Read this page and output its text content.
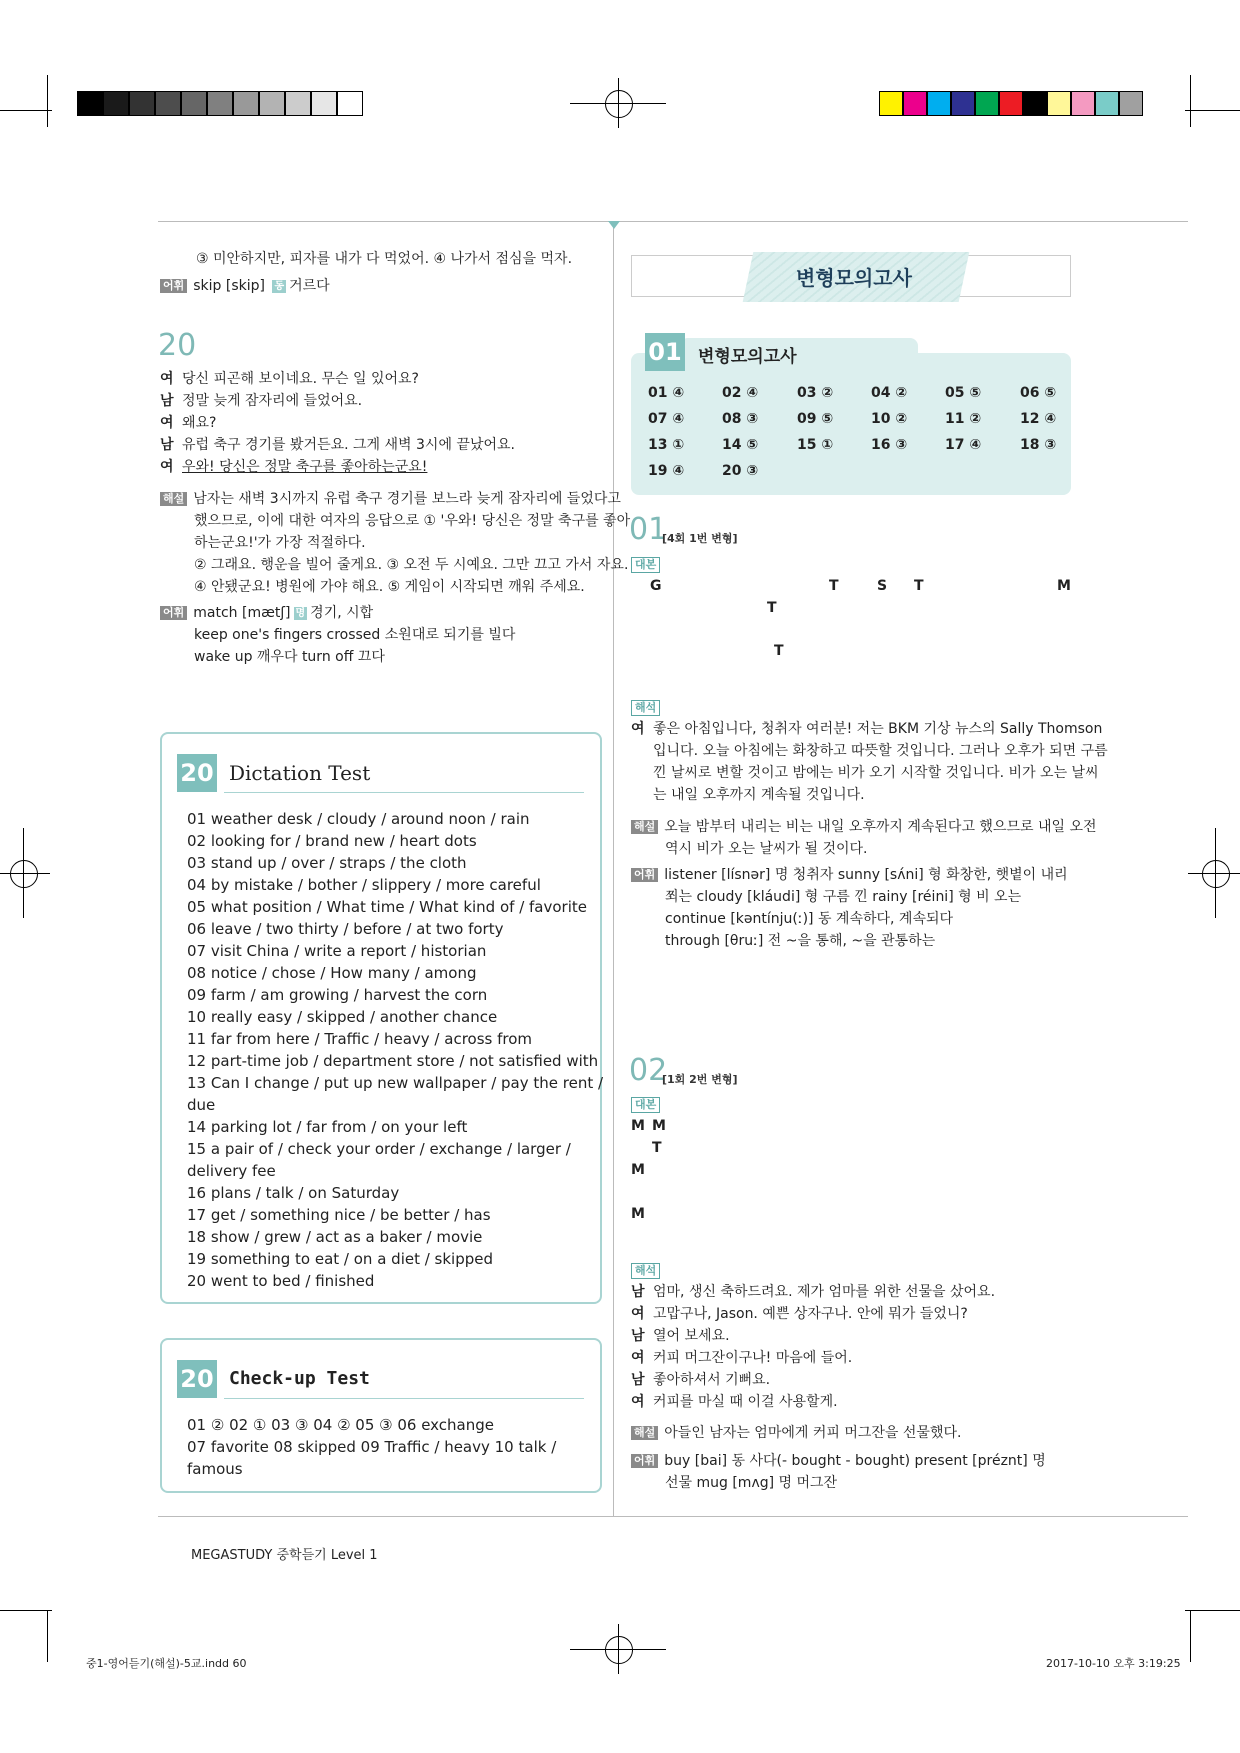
③ 미안하지만, 피자를 내가 다 먹었어. ④ 나가서 점심을 먹자.
어휘 skip [skip] 동 거르다
20
여 당신 피곤해 보이네요. 무슨 일 있어요?
남 정말 늦게 잠자리에 들었어요.
여 왜요?
남 유럽 축구 경기를 봤거든요. 그게 새벽 3시에 끝났어요.
여 우와! 당신은 정말 축구를 좋아하는군요!
해설 남자는 새벽 3시까지 유럽 축구 경기를 보느라 늦게 잠자리에 들었다고
했으므로, 이에 대한 여자의 응답으로 ① '우와! 당신은 정말 축구를 좋아
하는군요!'가 가장 적절하다.
② 그래요. 행운을 빌어 줄게요. ③ 오전 두 시예요. 그만 끄고 가서 자요.
④ 안됐군요! 병원에 가야 해요. ⑤ 게임이 시작되면 깨워 주세요.
어휘 match [mætʃ] 명 경기, 시합
keep one's fingers crossed 소원대로 되기를 빌다
wake up 깨우다 turn off 끄다
20 Dictation Test
01 weather desk / cloudy / around noon / rain
02 looking for / brand new / heart dots
03 stand up / over / straps / the cloth
04 by mistake / bother / slippery / more careful
05 what position / What time / What kind of / favorite
06 leave / two thirty / before / at two forty
07 visit China / write a report / historian
08 notice / chose / How many / among
09 farm / am growing / harvest the corn
10 really easy / skipped / another chance
11 far from here / Traffic / heavy / across from
12 part-time job / department store / not satisfied with
13 Can I change / put up new wallpaper / pay the rent /
due
14 parking lot / far from / on your left
15 a pair of / check your order / exchange / larger /
delivery fee
16 plans / talk / on Saturday
17 get / something nice / be better / has
18 show / grew / act as a baker / movie
19 something to eat / on a diet / skipped
20 went to bed / finished
20 Check-up Test
01 ② 02 ① 03 ③ 04 ② 05 ③ 06 exchange
07 favorite 08 skipped 09 Traffic / heavy 10 talk /
famous
MEGASTUDY 중학듣기 Level 1
변형모의고사
01 변형모의고사
01 ④	02 ④	03 ②	04 ②	05 ⑤	06 ⑤
07 ④	08 ③	09 ⑤	10 ②	11 ②	12 ④
13 ①	14 ⑤	15 ①	16 ③	17 ④	18 ③
19 ④	20 ③
01
[4회 1번 변형]
대본
G	T	S T	M
T
T
해석
여 좋은 아침입니다, 청취자 여러분! 저는 BKM 기상 뉴스의 Sally Thomson
입니다. 오늘 아침에는 화창하고 따뜻할 것입니다. 그러나 오후가 되면 구름
낀 날씨로 변할 것이고 밤에는 비가 오기 시작할 것입니다. 비가 오는 날씨
는 내일 오후까지 계속될 것입니다.
해설 오늘 밤부터 내리는 비는 내일 오후까지 계속된다고 했으므로 내일 오전
역시 비가 오는 날씨가 될 것이다.
어휘 listener [lísnər] 명 청취자 sunny [sʌ́ni] 형 화창한, 햇볕이 내리
쬐는 cloudy [kláudi] 형 구름 낀 rainy [réini] 형 비 오는
continue [kəntínju(ː)] 동 계속하다, 계속되다
through [θruː] 전 ~을 통해, ~을 관통하는
02
[1회 2번 변형]
대본
M M
T
M
M
해석
남 엄마, 생신 축하드려요. 제가 엄마를 위한 선물을 샀어요.
여 고맙구나, Jason. 예쁜 상자구나. 안에 뭐가 들었니?
남 열어 보세요.
여 커피 머그잔이구나! 마음에 들어.
남 좋아하셔서 기뻐요.
여 커피를 마실 때 이걸 사용할게.
해설 아들인 남자는 엄마에게 커피 머그잔을 선물했다.
어휘 buy [bai] 동 사다(- bought - bought) present [préznt] 명
선물 mug [mʌg] 명 머그잔
중1-영어듣기(해설)-5교.indd 60	2017-10-10 오후 3:19:25
